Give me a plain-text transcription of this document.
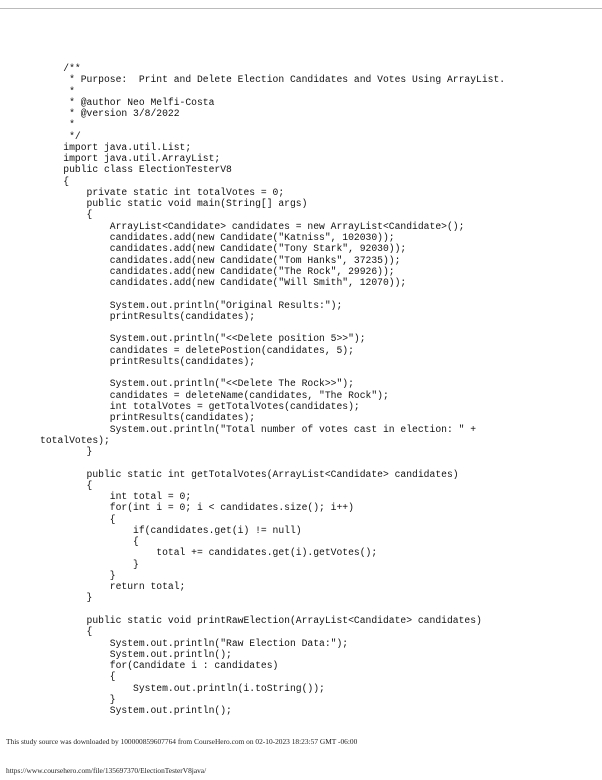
/**
* Purpose:  Print and Delete Election Candidates and Votes Using ArrayList.
*
* @author Neo Melfi-Costa
* @version 3/8/2022
*
*/
import java.util.List;
import java.util.ArrayList;
public class ElectionTesterV8
{
private static int totalVotes = 0;
public static void main(String[] args)
{
ArrayList<Candidate> candidates = new ArrayList<Candidate>();
candidates.add(new Candidate("Katniss", 102030));
candidates.add(new Candidate("Tony Stark", 92030));
candidates.add(new Candidate("Tom Hanks", 37235));
candidates.add(new Candidate("The Rock", 29926));
candidates.add(new Candidate("Will Smith", 12070));
System.out.println("Original Results:");
printResults(candidates);
System.out.println("<<Delete position 5>>");
candidates = deletePostion(candidates, 5);
printResults(candidates);
System.out.println("<<Delete The Rock>>");
candidates = deleteName(candidates, "The Rock");
int totalVotes = getTotalVotes(candidates);
printResults(candidates);
System.out.println("Total number of votes cast in election: " +
totalVotes);
}
public static int getTotalVotes(ArrayList<Candidate> candidates)
{
int total = 0;
for(int i = 0; i < candidates.size(); i++)
{
if(candidates.get(i) != null)
{
total += candidates.get(i).getVotes();
}
}
return total;
}
public static void printRawElection(ArrayList<Candidate> candidates)
{
System.out.println("Raw Election Data:");
System.out.println();
for(Candidate i : candidates)
{
System.out.println(i.toString());
}
System.out.println();
This study source was downloaded by 100000859607764 from CourseHero.com on 02-10-2023 18:23:57 GMT -06:00
https://www.coursehero.com/file/135697370/ElectionTesterV8java/
